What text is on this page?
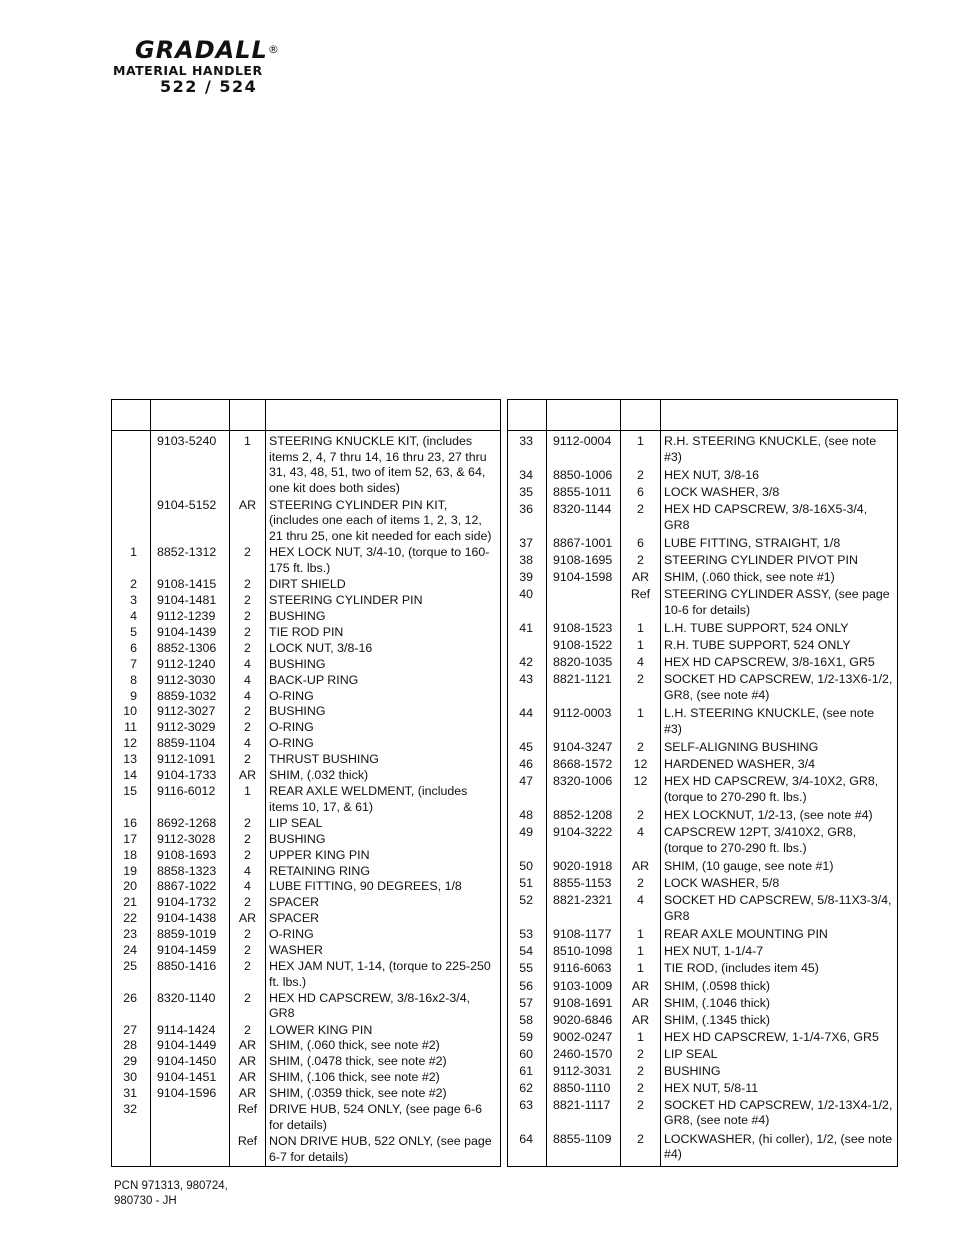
GRADALL®
MATERIAL HANDLER
522 / 524

	9103-5240	1	STEERING KNUCKLE KIT, (includes items 2, 4, 7 thru 14, 16 thru 23, 27 thru 31, 43, 48, 51, two of item 52, 63, & 64, one kit does both sides)
	9104-5152	AR	STEERING CYLINDER PIN KIT, (includes one each of items 1, 2, 3, 12, 21 thru 25, one kit needed for each side)
1	8852-1312	2	HEX LOCK NUT, 3/4-10, (torque to 160-175 ft. lbs.)
2	9108-1415	2	DIRT SHIELD
3	9104-1481	2	STEERING CYLINDER PIN
4	9112-1239	2	BUSHING
5	9104-1439	2	TIE ROD PIN
6	8852-1306	2	LOCK NUT, 3/8-16
7	9112-1240	4	BUSHING
8	9112-3030	4	BACK-UP RING
9	8859-1032	4	O-RING
10	9112-3027	2	BUSHING
11	9112-3029	2	O-RING
12	8859-1104	4	O-RING
13	9112-1091	2	THRUST BUSHING
14	9104-1733	AR	SHIM, (.032 thick)
15	9116-6012	1	REAR AXLE WELDMENT, (includes items 10, 17, & 61)
16	8692-1268	2	LIP SEAL
17	9112-3028	2	BUSHING
18	9108-1693	2	UPPER KING PIN
19	8858-1323	4	RETAINING RING
20	8867-1022	4	LUBE FITTING, 90 DEGREES, 1/8
21	9104-1732	2	SPACER
22	9104-1438	AR	SPACER
23	8859-1019	2	O-RING
24	9104-1459	2	WASHER
25	8850-1416	2	HEX JAM NUT, 1-14, (torque to 225-250 ft. lbs.)
26	8320-1140	2	HEX HD CAPSCREW, 3/8-16x2-3/4, GR8
27	9114-1424	2	LOWER KING PIN
28	9104-1449	AR	SHIM, (.060 thick, see note #2)
29	9104-1450	AR	SHIM, (.0478 thick, see note #2)
30	9104-1451	AR	SHIM, (.106 thick, see note #2)
31	9104-1596	AR	SHIM, (.0359 thick, see note #2)
32		Ref	DRIVE HUB, 524 ONLY, (see page 6-6 for details)
		Ref	NON DRIVE HUB, 522 ONLY, (see page 6-7 for details)

33	9112-0004	1	R.H. STEERING KNUCKLE, (see note #3)
34	8850-1006	2	HEX NUT, 3/8-16
35	8855-1011	6	LOCK WASHER, 3/8
36	8320-1144	2	HEX HD CAPSCREW, 3/8-16X5-3/4, GR8
37	8867-1001	6	LUBE FITTING, STRAIGHT, 1/8
38	9108-1695	2	STEERING CYLINDER PIVOT PIN
39	9104-1598	AR	SHIM, (.060 thick, see note #1)
40		Ref	STEERING CYLINDER ASSY, (see page 10-6 for details)
41	9108-1523	1	L.H. TUBE SUPPORT, 524 ONLY
	9108-1522	1	R.H. TUBE SUPPORT, 524 ONLY
42	8820-1035	4	HEX HD CAPSCREW, 3/8-16X1, GR5
43	8821-1121	2	SOCKET HD CAPSCREW, 1/2-13X6-1/2, GR8, (see note #4)
44	9112-0003	1	L.H. STEERING KNUCKLE, (see note #3)
45	9104-3247	2	SELF-ALIGNING BUSHING
46	8668-1572	12	HARDENED WASHER, 3/4
47	8320-1006	12	HEX HD CAPSCREW, 3/4-10X2, GR8, (torque to 270-290 ft. lbs.)
48	8852-1208	2	HEX LOCKNUT, 1/2-13, (see note #4)
49	9104-3222	4	CAPSCREW 12PT, 3/410X2, GR8, (torque to 270-290 ft. lbs.)
50	9020-1918	AR	SHIM, (10 gauge, see note #1)
51	8855-1153	2	LOCK WASHER, 5/8
52	8821-2321	4	SOCKET HD CAPSCREW, 5/8-11X3-3/4, GR8
53	9108-1177	1	REAR AXLE MOUNTING PIN
54	8510-1098	1	HEX NUT, 1-1/4-7
55	9116-6063	1	TIE ROD, (includes item 45)
56	9103-1009	AR	SHIM, (.0598 thick)
57	9108-1691	AR	SHIM, (.1046 thick)
58	9020-6846	AR	SHIM, (.1345 thick)
59	9002-0247	1	HEX HD CAPSCREW, 1-1/4-7X6, GR5
60	2460-1570	2	LIP SEAL
61	9112-3031	2	BUSHING
62	8850-1110	2	HEX NUT, 5/8-11
63	8821-1117	2	SOCKET HD CAPSCREW, 1/2-13X4-1/2, GR8, (see note #4)
64	8855-1109	2	LOCKWASHER, (hi coller), 1/2, (see note #4)

PCN 971313, 980724,
980730 - JH
